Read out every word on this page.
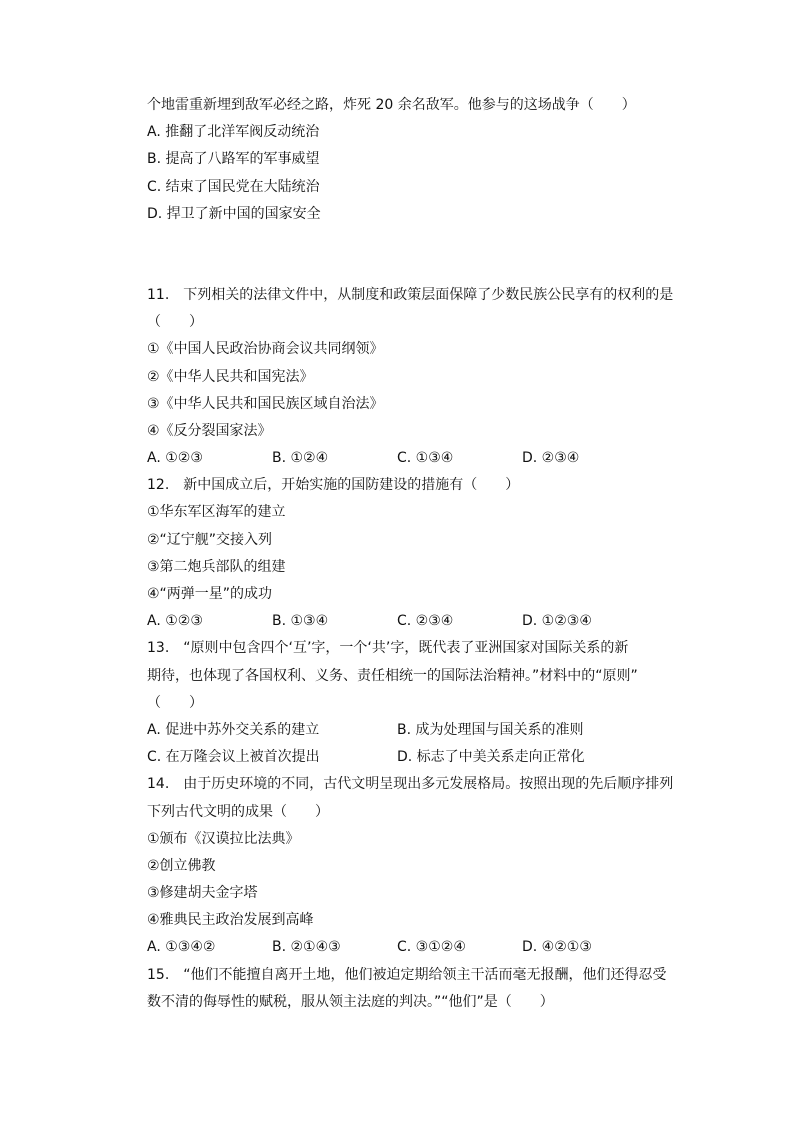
个地雷重新埋到敌军必经之路，炸死 20 余名敌军。他参与的这场战争（　　）
A. 推翻了北洋军阀反动统治
B. 提高了八路军的军事威望
C. 结束了国民党在大陆统治
D. 捍卫了新中国的国家安全
11.　下列相关的法律文件中，从制度和政策层面保障了少数民族公民享有的权利的是
（　　）
①《中国人民政治协商会议共同纲领》
②《中华人民共和国宪法》
③《中华人民共和国民族区域自治法》
④《反分裂国家法》
A. ①②③	B. ①②④	C. ①③④	D. ②③④
12.　新中国成立后，开始实施的国防建设的措施有（　　）
①华东军区海军的建立
②“辽宁舰”交接入列
③第二炮兵部队的组建
④“两弹一星”的成功
A. ①②③	B. ①③④	C. ②③④	D. ①②③④
13.　“原则中包含四个‘互’字，一个‘共’字，既代表了亚洲国家对国际关系的新
期待，也体现了各国权利、义务、责任相统一的国际法治精神。”材料中的“原则”
（　　）
A. 促进中苏外交关系的建立	B. 成为处理国与国关系的准则
C. 在万隆会议上被首次提出	D. 标志了中美关系走向正常化
14.　由于历史环境的不同，古代文明呈现出多元发展格局。按照出现的先后顺序排列
下列古代文明的成果（　　）
①颁布《汉谟拉比法典》
②创立佛教
③修建胡夫金字塔
④雅典民主政治发展到高峰
A. ①③④②	B. ②①④③	C. ③①②④	D. ④②①③
15.　“他们不能擅自离开土地，他们被迫定期给领主干活而毫无报酬，他们还得忍受
数不清的侮辱性的赋税，服从领主法庭的判决。”“他们”是（　　）
